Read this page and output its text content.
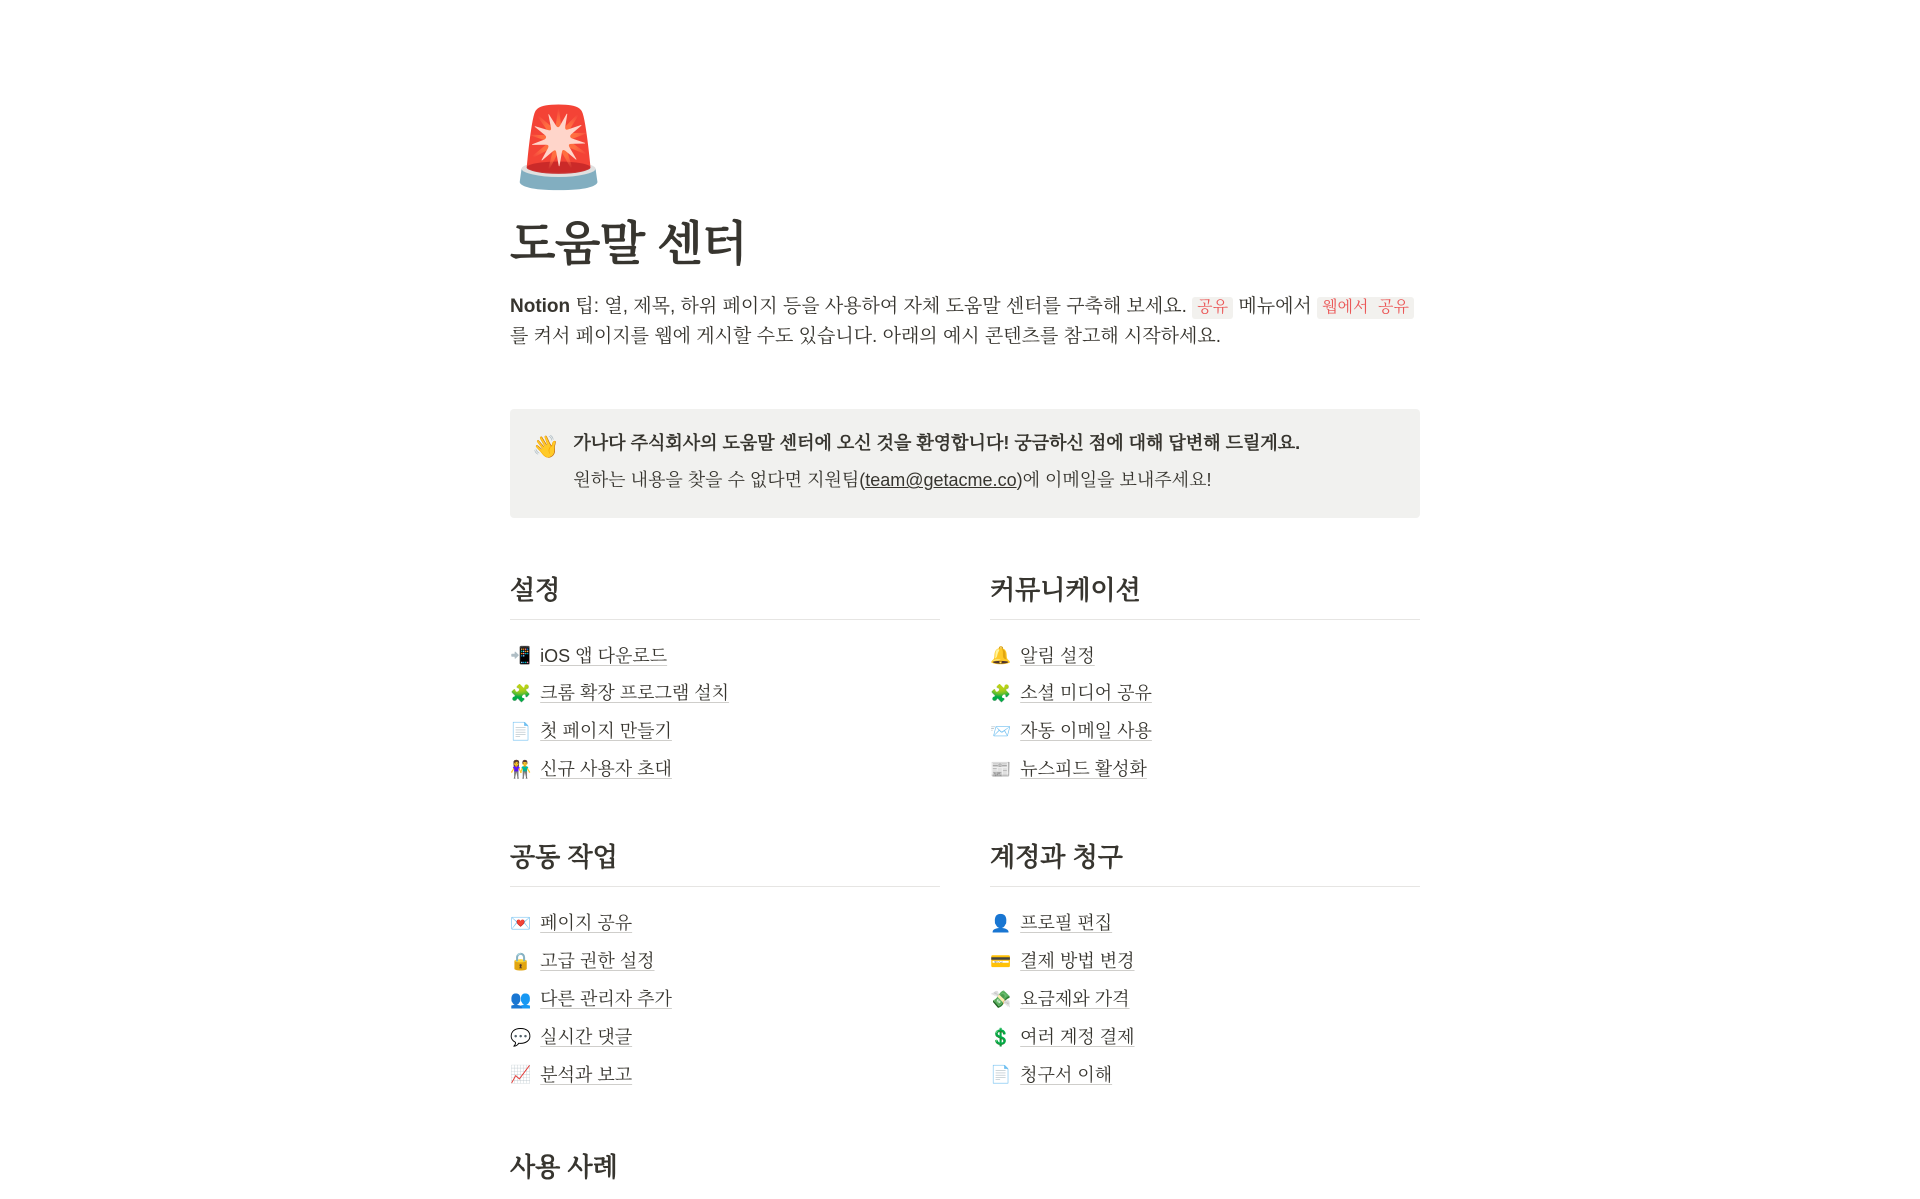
🚨
도움말 센터

Notion 팁: 열, 제목, 하위 페이지 등을 사용하여 자체 도움말 센터를 구축해 보세요. 공유 메뉴에서 웹에서 공유 를 켜서 페이지를 웹에 게시할 수도 있습니다. 아래의 예시 콘텐츠를 참고해 시작하세요.

👋 가나다 주식회사의 도움말 센터에 오신 것을 환영합니다! 궁금하신 점에 대해 답변해 드릴게요.
원하는 내용을 찾을 수 없다면 지원팀(team@getacme.co)에 이메일을 보내주세요!
설정
📲 iOS 앱 다운로드
🧩 크롬 확장 프로그램 설치
📄 첫 페이지 만들기
👫 신규 사용자 초대
공동 작업
💌 페이지 공유
🔒 고급 권한 설정
👥 다른 관리자 추가
💬 실시간 댓글
📈 분석과 보고
커뮤니케이션
🔔 알림 설정
🧩 소셜 미디어 공유
📨 자동 이메일 사용
📰 뉴스피드 활성화
계정과 청구
👤 프로필 편집
💳 결제 방법 변경
💸 요금제와 가격
💲 여러 계정 결제
📄 청구서 이해
사용 사례
